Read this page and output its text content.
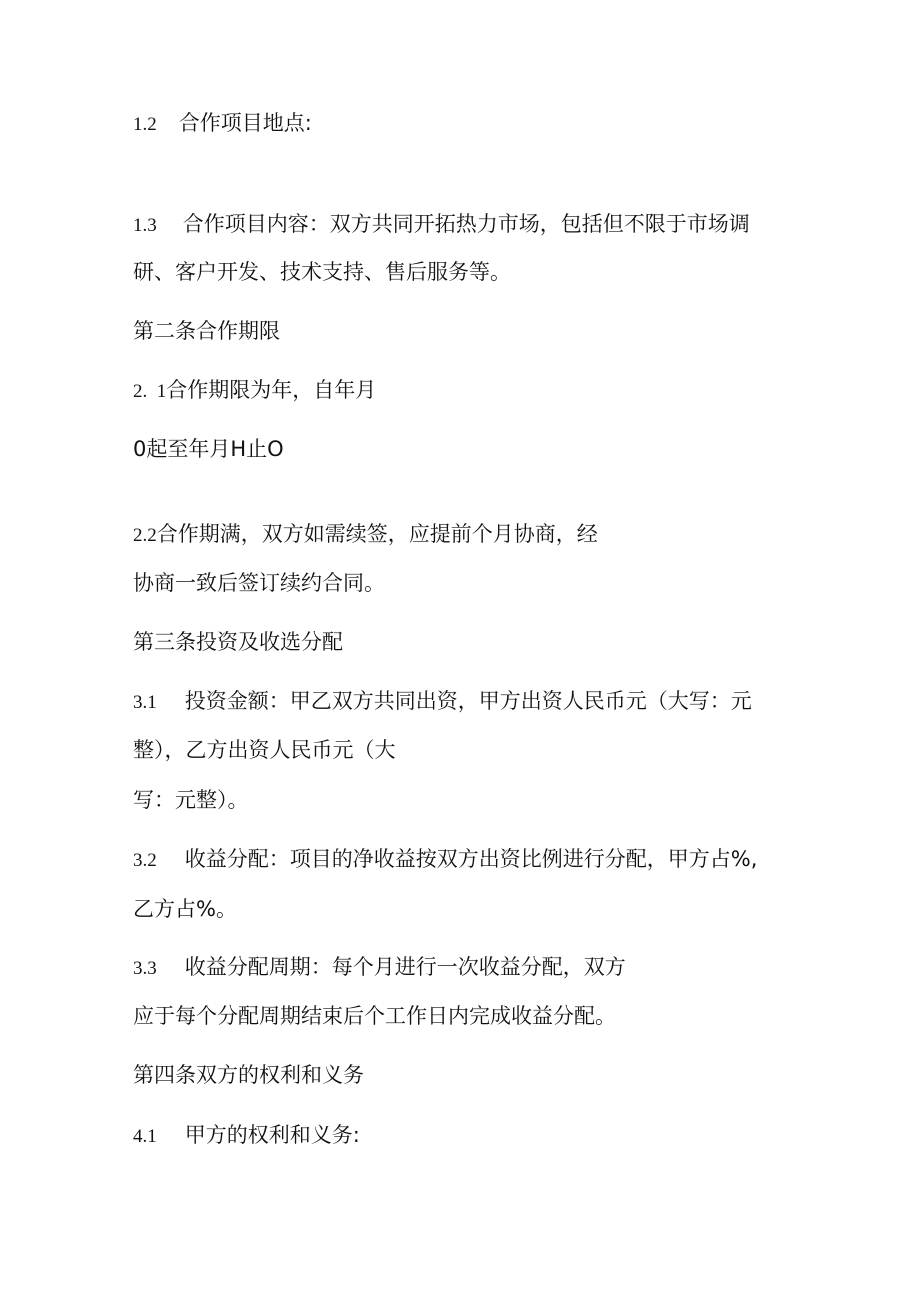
1.2 合作项目地点:
1.3 合作项目内容：双方共同开拓热力市场，包括但不限于市场调
研、客户开发、技术支持、售后服务等。
第二条合作期限
2.  1合作期限为年，自年月
0起至年月H止O
2.2合作期满，双方如需续签，应提前个月协商，经
协商一致后签订续约合同。
第三条投资及收选分配
3.1 投资金额：甲乙双方共同出资，甲方出资人民币元（大写：元
整），乙方出资人民币元（大
写：元整）。
3.2 收益分配：项目的净收益按双方出资比例进行分配，甲方占%,
乙方占%。
3.3 收益分配周期：每个月进行一次收益分配，双方
应于每个分配周期结束后个工作日内完成收益分配。
第四条双方的权利和义务
4.1 甲方的权利和义务:
